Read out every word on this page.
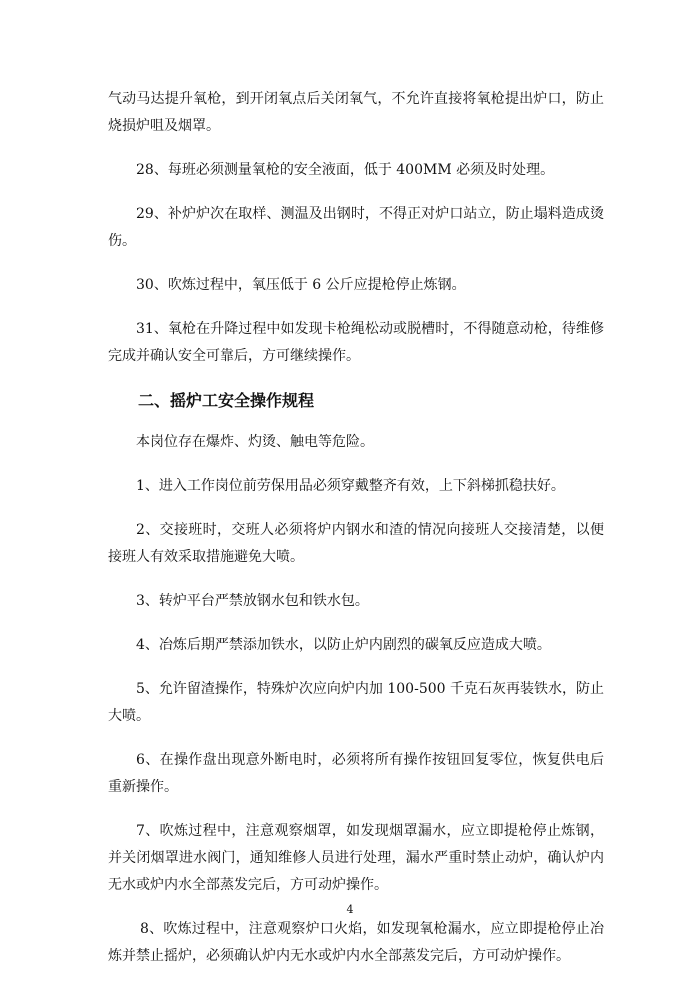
气动马达提升氧枪，到开闭氧点后关闭氧气，不允许直接将氧枪提出炉口，防止烧损炉咀及烟罩。

28、每班必须测量氧枪的安全液面，低于 400MM 必须及时处理。

29、补炉炉次在取样、测温及出钢时，不得正对炉口站立，防止塌料造成烫伤。

30、吹炼过程中，氧压低于 6 公斤应提枪停止炼钢。

31、氧枪在升降过程中如发现卡枪绳松动或脱槽时，不得随意动枪，待维修完成并确认安全可靠后，方可继续操作。

二、摇炉工安全操作规程

本岗位存在爆炸、灼烫、触电等危险。

1、进入工作岗位前劳保用品必须穿戴整齐有效，上下斜梯抓稳扶好。

2、交接班时，交班人必须将炉内钢水和渣的情况向接班人交接清楚，以便接班人有效采取措施避免大喷。

3、转炉平台严禁放钢水包和铁水包。

4、冶炼后期严禁添加铁水，以防止炉内剧烈的碳氧反应造成大喷。

5、允许留渣操作，特殊炉次应向炉内加 100-500 千克石灰再装铁水，防止大喷。

6、在操作盘出现意外断电时，必须将所有操作按钮回复零位，恢复供电后重新操作。

7、吹炼过程中，注意观察烟罩，如发现烟罩漏水，应立即提枪停止炼钢，并关闭烟罩进水阀门，通知维修人员进行处理，漏水严重时禁止动炉，确认炉内无水或炉内水全部蒸发完后，方可动炉操作。

8、吹炼过程中，注意观察炉口火焰，如发现氧枪漏水，应立即提枪停止冶炼并禁止摇炉，必须确认炉内无水或炉内水全部蒸发完后，方可动炉操作。

4
